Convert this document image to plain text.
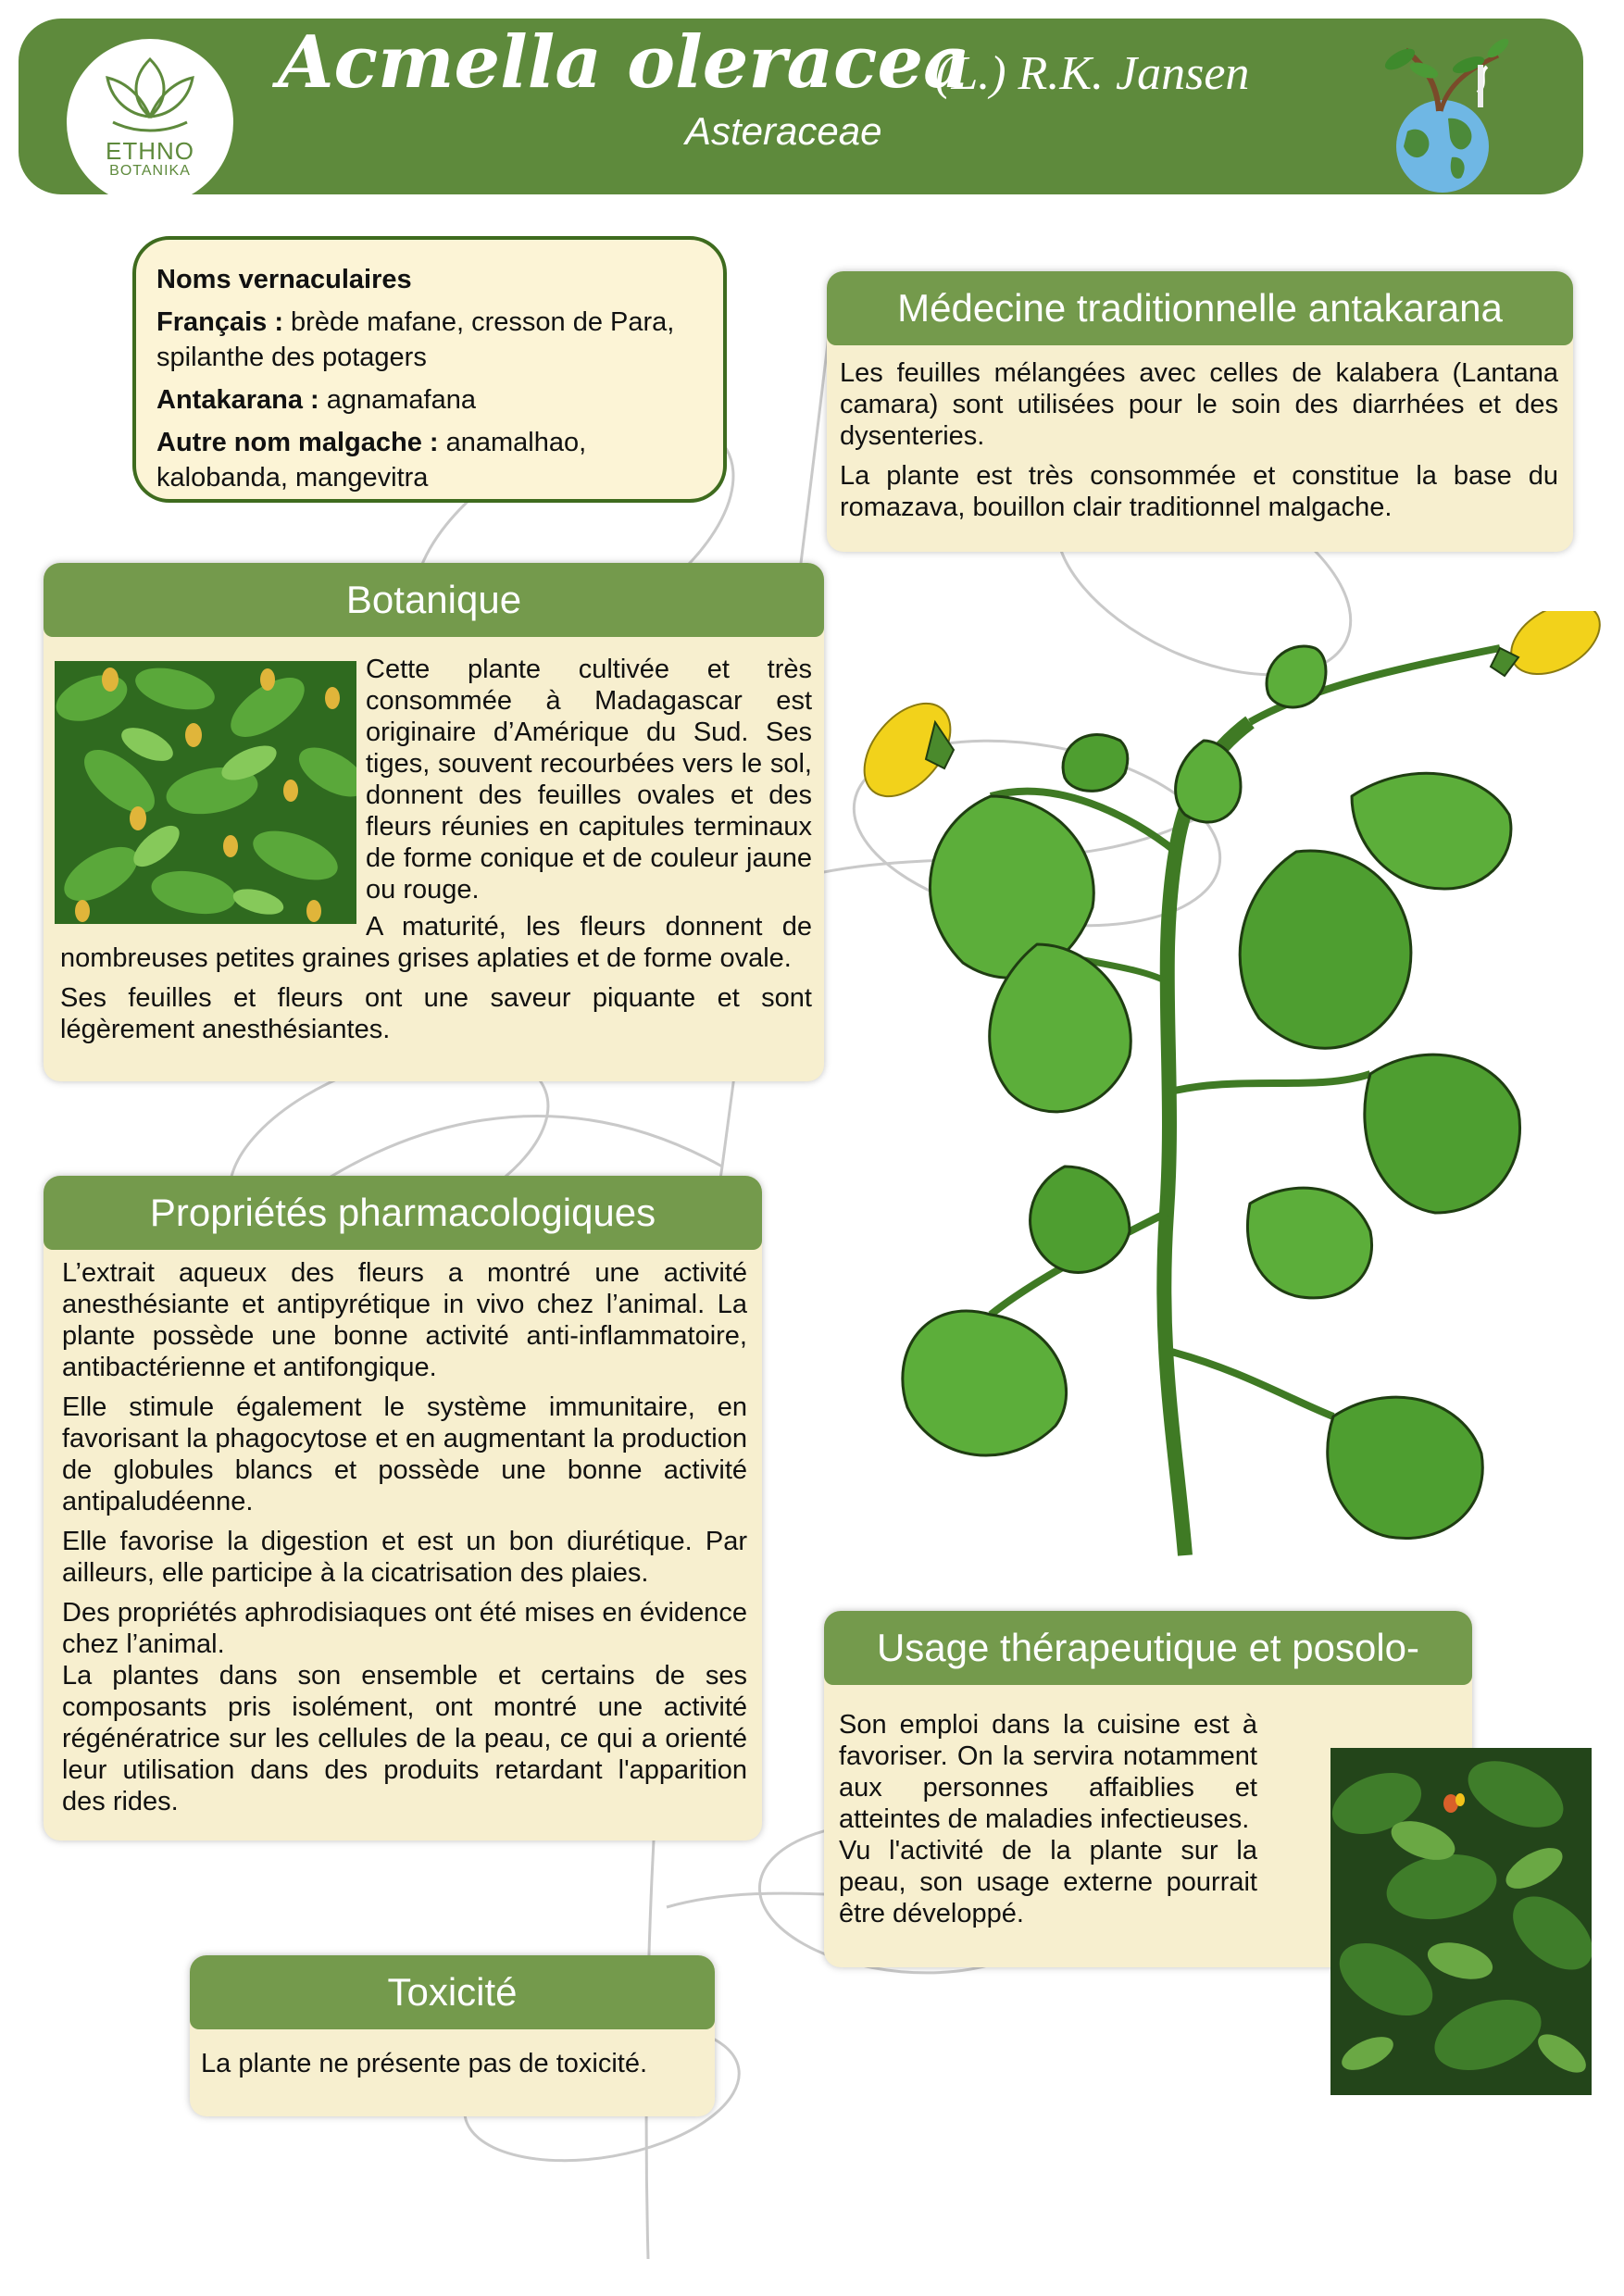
ETHNO
BOTANIKA
Acmella oleracea
(L.) R.K. Jansen
Asteraceae

Noms vernaculaires

Français : brède mafane, cresson de Para, spilanthe des potagers

Antakarana : agnamafana

Autre nom malgache : anamalhao, kalobanda, mangevitra

Médecine traditionnelle antakarana

Les feuilles mélangées avec celles de kalabera (Lantana camara) sont utilisées pour le soin des diarrhées et des dysenteries.

La plante est très consommée et constitue la base du romazava, bouillon clair traditionnel malgache.

Botanique

Cette plante cultivée et très consommée à Madagascar est originaire d’Amérique du Sud. Ses tiges, souvent recourbées vers le sol, donnent des feuilles ovales et des fleurs réunies en capitules terminaux de forme conique et de couleur jaune ou rouge.

A maturité, les fleurs donnent de nombreuses petites graines grises aplaties et de forme ovale.

Ses feuilles et fleurs ont une saveur piquante et sont légèrement anesthésiantes.

Propriétés pharmacologiques

L’extrait aqueux des fleurs a montré une activité anesthésiante et antipyrétique in vivo chez l’animal. La plante possède une bonne activité anti-inflammatoire, antibactérienne et antifongique.

Elle stimule également le système immunitaire, en favorisant la phagocytose et en augmentant la production de globules blancs et possède une bonne activité antipaludéenne.

Elle favorise la digestion et est un bon diurétique. Par ailleurs, elle participe à la cicatrisation des plaies.

Des propriétés aphrodisiaques ont été mises en évidence chez l’animal.

La plantes dans son ensemble et certains de ses composants pris isolément, ont montré une activité régénératrice sur les cellules de la peau, ce qui a orienté leur utilisation dans des produits retardant l'apparition des rides.

Usage thérapeutique et posolo-

Son emploi dans la cuisine est à favoriser. On la servira notamment aux personnes affaiblies et atteintes de maladies infectieuses.

Vu l'activité de la plante sur la peau, son usage externe pourrait être développé.

Toxicité

La plante ne présente pas de toxicité.
